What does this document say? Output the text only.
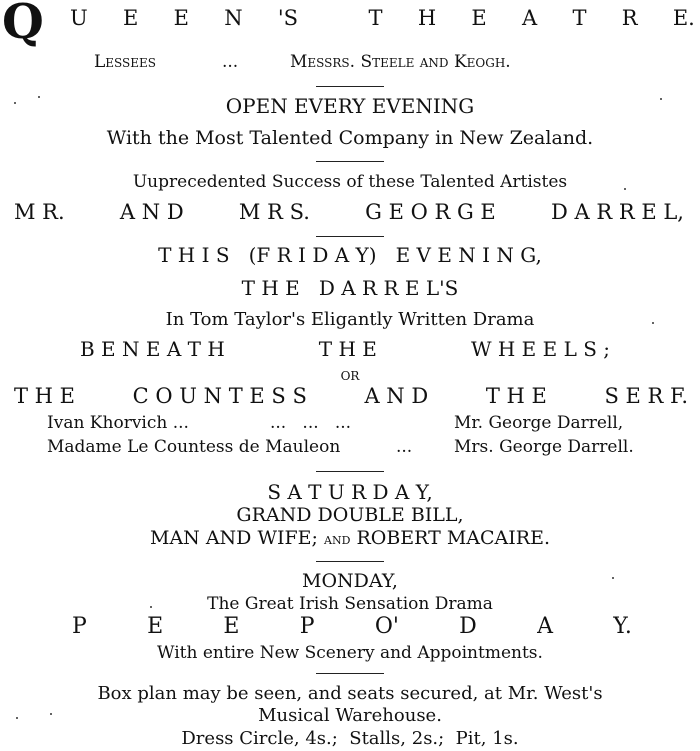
Q U E E N 'S	T H E A T R E.
Lessees	...	Messrs. Steele and Keogh.
OPEN EVERY EVENING
With the Most Talented Company in New Zealand.
Uuprecedented Success of these Talented Artistes
M R.	A N D	M R S.	G E O R G E	D A R R E L,
T H I S   (F R I D A Y)   E V E N I N G,
T H E   D A R R E L'S
In Tom Taylor's Eligantly Written Drama
B E N E A T H	T H E	W H E E L S ;
OR
T H E	C O U N T E S S	A N D	T H E	S E R F.
Ivan Khorvich ...	...   ...   ...	Mr. George Darrell,
Madame Le Countess de Mauleon	... Mrs. George Darrell.
S A T U R D A Y,
GRAND DOUBLE BILL,
MAN AND WIFE; and ROBERT MACAIRE.
MONDAY,
The Great Irish Sensation Drama
P	E	E	P	O'	D	A	Y.
With entire New Scenery and Appointments.
Box plan may be seen, and seats secured, at Mr. West's
Musical Warehouse.
Dress Circle, 4s.;  Stalls, 2s.;  Pit, 1s.
